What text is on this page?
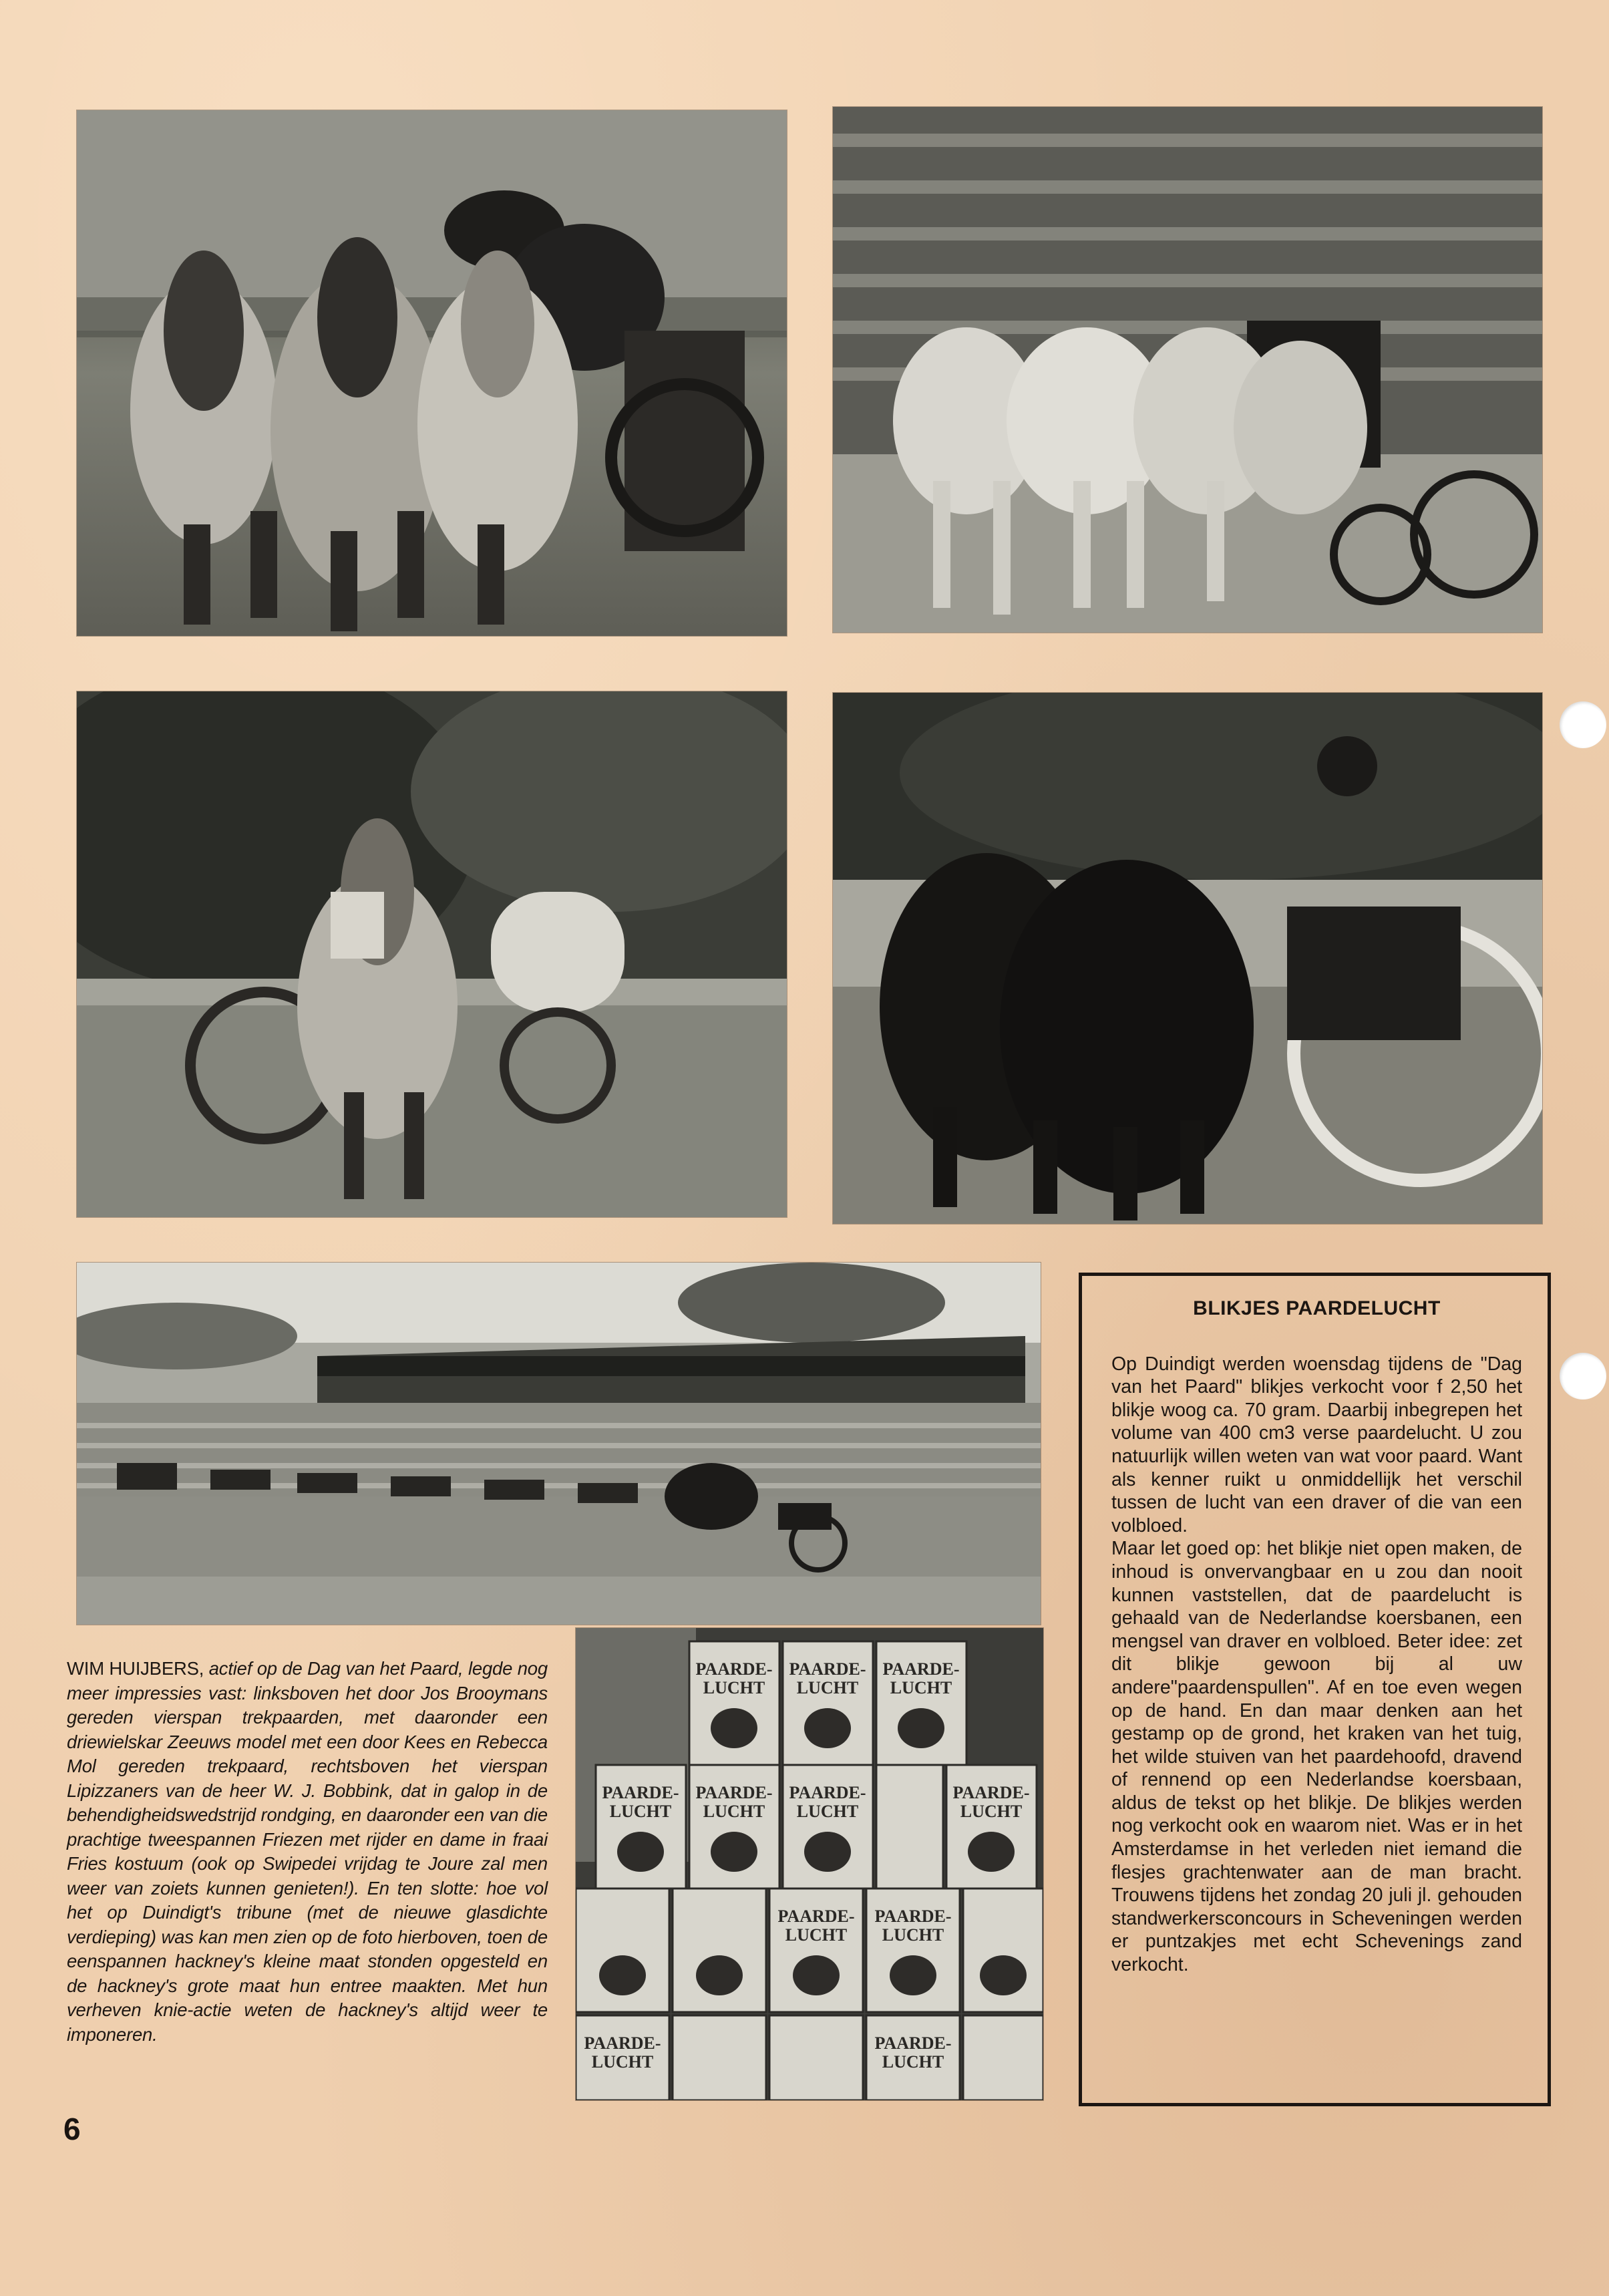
PAARDE-
LUCHT
PAARDE-
LUCHT
PAARDE-
LUCHT
PAARDE-
LUCHT
PAARDE-
LUCHT
PAARDE-
LUCHT
PAARDE-
LUCHT
PAARDE-
LUCHT
PAARDE-
LUCHT
PAARDE-
LUCHT
PAARDE-
LUCHT
WIM HUIJBERS, actief op de Dag van het Paard, legde nog meer impressies vast: linksboven het door Jos Brooymans gereden vierspan trekpaarden, met daaronder een driewielskar Zeeuws model met een door Kees en Rebecca Mol gereden trekpaard, rechtsboven het vierspan Lipizzaners van de heer W. J. Bobbink, dat in galop in de behendigheidswedstrijd rondging, en daaronder een van die prachtige tweespannen Friezen met rijder en dame in fraai Fries kostuum (ook op Swipedei vrijdag te Joure zal men weer van zoiets kunnen genieten!). En ten slotte: hoe vol het op Duindigt's tribune (met de nieuwe glasdichte verdieping) was kan men zien op de foto hierboven, toen de eenspannen hackney's kleine maat stonden opgesteld en de hackney's grote maat hun entree maakten. Met hun verheven knie-actie weten de hackney's altijd weer te imponeren.
6
BLIKJES PAARDELUCHT

Op Duindigt werden woensdag tijdens de "Dag van het Paard" blikjes verkocht voor f 2,50 het blikje woog ca. 70 gram. Daarbij inbegrepen het volume van 400 cm3 verse paardelucht. U zou natuurlijk willen weten van wat voor paard. Want als kenner ruikt u onmiddellijk het verschil tussen de lucht van een draver of die van een volbloed.

Maar let goed op: het blikje niet open maken, de inhoud is onvervangbaar en u zou dan nooit kunnen vaststellen, dat de paardelucht is gehaald van de Nederlandse koersbanen, een mengsel van draver en volbloed. Beter idee: zet dit blikje gewoon bij al uw andere"paardenspullen". Af en toe even wegen op de hand. En dan maar denken aan het gestamp op de grond, het kraken van het tuig, het wilde stuiven van het paardehoofd, dravend of rennend op een Nederlandse koersbaan, aldus de tekst op het blikje. De blikjes werden nog verkocht ook en waarom niet. Was er in het Amsterdamse in het verleden niet iemand die flesjes grachtenwater aan de man bracht. Trouwens tijdens het zondag 20 juli jl. gehouden standwerkersconcours in Scheveningen werden er puntzakjes met echt Schevenings zand verkocht.
